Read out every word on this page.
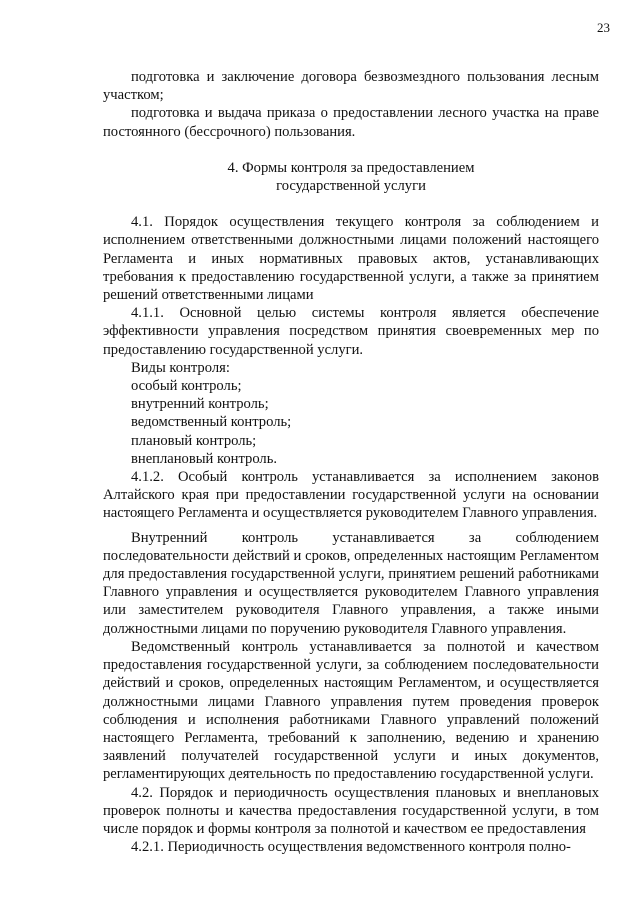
23

подготовка и заключение договора безвозмездного пользования лесным участком;

подготовка и выдача приказа о предоставлении лесного участка на праве постоянного (бессрочного) пользования.

4. Формы контроля за предоставлением
государственной услуги

4.1. Порядок осуществления текущего контроля за соблюдением и исполнением ответственными должностными лицами положений настоящего Регламента и иных нормативных правовых актов, устанавливающих требования к предоставлению государственной услуги, а также за принятием решений ответственными лицами

4.1.1. Основной целью системы контроля является обеспечение эффективности управления посредством принятия своевременных мер по предоставлению государственной услуги.

Виды контроля:

особый контроль;

внутренний контроль;

ведомственный контроль;

плановый контроль;

внеплановый контроль.

4.1.2. Особый контроль устанавливается за исполнением законов Алтайского края при предоставлении государственной услуги на основании настоящего Регламента и осуществляется руководителем Главного управления.

Внутренний контроль устанавливается за соблюдением последовательности действий и сроков, определенных настоящим Регламентом для предоставления государственной услуги, принятием решений работниками Главного управления и осуществляется руководителем Главного управления или заместителем руководителя Главного управления, а также иными должностными лицами по поручению руководителя Главного управления.

Ведомственный контроль устанавливается за полнотой и качеством предоставления государственной услуги, за соблюдением последовательности действий и сроков, определенных настоящим Регламентом, и осуществляется должностными лицами Главного управления путем проведения проверок соблюдения и исполнения работниками Главного управлений положений настоящего Регламента, требований к заполнению, ведению и хранению заявлений получателей государственной услуги и иных документов, регламентирующих деятельность по предоставлению государственной услуги.

4.2. Порядок и периодичность осуществления плановых и внеплановых проверок полноты и качества предоставления государственной услуги, в том числе порядок и формы контроля за полнотой и качеством ее предоставления

4.2.1. Периодичность осуществления ведомственного контроля полно-
